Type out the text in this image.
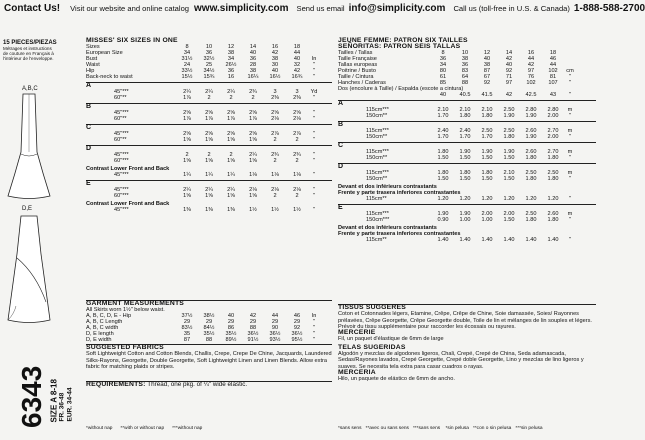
Contact Us! Visit our website and online catalog www.simplicity.com Send us email info@simplicity.com Call us (toll-free in U.S. & Canada) 1-888-588-2700
15 PIECES/PIEZAS
Métrages et instructions de couture en Français à l'intérieur de l'enveloppe.
A,B,C
D,E
6343 SIZE A 8-18 FR. 36-48 EUR. 34-44
MISSES' SIX SIZES IN ONE
Sizes	8	10	12	14	16	18
European Size	34	36	38	40	42	44
Bust	31½	32½	34	36	38	40	In
Waist	24	25	26½	28	30	32	"
Hip	33½	34½	36	38	40	42	"
Back-neck to waist	15½	15¾	16	16¼	16½	16¾	"
A
45"***	2¼	2¼	2¼	2¾	3	3	Yd
60"**	1⅞	2	2	2	2⅜	2⅜	"
B
45"***	2⅝	2⅝	2⅝	2⅝	2⅝	2⅝	"
60"**	1⅞	1⅞	1⅞	1⅞	2⅛	2⅛	"
C
45"***	2⅝	2⅝	2⅝	2⅝	2⅞	2⅞	"
60"**	1⅝	1⅝	1⅝	1⅝	2	2	"
D
45"***	2	2	2	2¼	2¾	2¾	"
60"***	1⅝	1⅝	1⅝	1⅝	2	2	"
Contrast Lower Front and Back
45"***	1¼	1¼	1¼	1⅛	1⅛	1⅛	"
E
45"***	2¼	2¼	2¼	2⅛	2⅛	2⅛	"
60"***	1⅝	1⅝	1⅝	1⅝	2	2	"
Contrast Lower Front and Back
45"***	1⅜	1⅜	1⅜	1½	1½	1½	"
GARMENT MEASUREMENTS
All Skirts worn 1½" below waist.
A, B, C, D, E - Hip	37½	38½	40	42	44	46	In
A, B, C Length	29	29	29	29	29	29	"
A, B, C width	83½	84½	86	88	90	92	"
D, E length	35	35½	35½	36½	36½	36½	"
D, E width	87	88	89½	91½	93½	95½	"
SUGGESTED FABRICS
Soft Lightweight Cotton and Cotton Blends, Challis, Crepe, Crepe De Chine, Jacquards, Laundered Silks-Rayons, Georgette, Double Georgette, Soft Lightweight Linen and Linen Blends. Allow extra fabric for matching plaids or stripes.
REQUIREMENTS: Thread, one pkg. of ¼" wide elastic.
JEUNE FEMME: PATRON SIX TAILLES
SEÑORITAS: PATRON SEIS TALLAS
Tailles / Tallas	8	10	12	14	16	18
Taille Française	36	38	40	42	44	46
Tallas europeas	34	36	38	40	42	44
Poitrine / Busto	80	83	87	92	97	102	cm
Taille / Cintura	61	64	67	71	76	81	"
Hanches / Caderas	85	88	92	97	102	107	"
Dos (encolure à Taille) / Espalda (escote a cintura)
40	40.5	41.5	42	42.5	43	"
A
115cm***	2.10	2.10	2.10	2.50	2.80	2.80	m
150cm**	1.70	1.80	1.80	1.90	1.90	2.00	"
B
115cm***	2.40	2.40	2.50	2.50	2.60	2.70	m
150cm**	1.70	1.70	1.70	1.80	1.90	2.00	"
C
115cm***	1.80	1.90	1.90	1.90	2.60	2.70	m
150cm**	1.50	1.50	1.50	1.50	1.80	1.80	"
D
115cm***	1.80	1.80	1.80	2.10	2.50	2.50	m
150cm**	1.50	1.50	1.50	1.50	1.80	1.80	"
Devant et dos inférieurs contrastants
Frente y parte trasera inferiores contrastantes
115cm**	1.20	1.20	1.20	1.20	1.20	1.20	"
E
115cm***	1.90	1.90	2.00	2.00	2.50	2.60	m
150cm***	0.90	1.00	1.00	1.50	1.80	1.80	"
Devant et dos inférieurs contrastants
Frente y parte trasera inferiores contrastantes
115cm**	1.40	1.40	1.40	1.40	1.40	1.40	"
TISSUS SUGGERES
Coton et Cotonnades légers, Etamine, Crêpe, Crêpe de Chine, Soie damassée, Soies/ Rayonnes prélavées, Crêpe Georgette, Crêpe Georgette double, Toile de lin et mélanges de lin souples et légers. Prévoir du tissu supplémentaire pour raccorder les écossais ou rayures.
MERCERIE
Fil, un paquet d'élastique de 6mm de large
TELAS SUGERIDAS
Algodón y mezclas de algodones ligeros, Chali, Crepé, Crepé de China, Seda adamascada, Sedas/Rayones lavados, Crepé Georgette, Crepé doble Georgette, Lino y mezclas de lino ligeros y suaves. Se necesita tela extra para casar cuadros o rayas.
MERCERIA
Hilo, un paquete de elástico de 6mm de ancho.
*without nap **with or without nap ***without nap	*sans sens **avec ou sans sens ***sans sens *sin pelusa **con o sin pelusa ***sin pelusa
